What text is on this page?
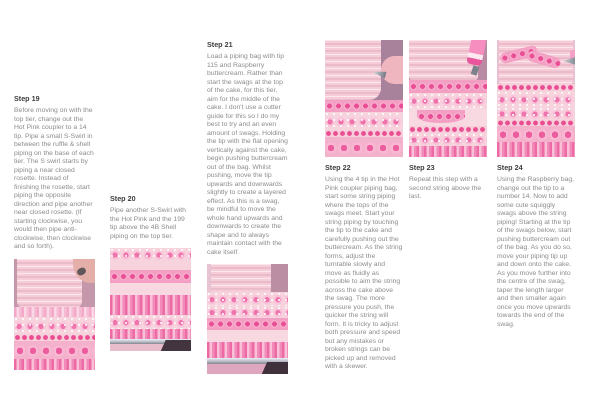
Step 19

Before moving on with the top tier, change out the Hot Pink coupler to a 14 tip. Pipe a small S-Swirl in between the ruffle & shell piping on the base of each tier. The S swirl starts by piping a near closed rosette. Instead of finishing the rosette, start piping the opposite direction and pipe another near closed rosette. (If starting clockwise, you would then pipe anti-clockwise, then clockwise and so forth).

Step 20

Pipe another S-Swirl with the Hot Pink and the 199 tip above the 4B Shell piping on the top tier.

Step 21

Load a piping bag with tip 115 and Raspberry buttercream. Rather than start the swags at the top of the cake, for this tier, aim for the middle of the cake. I don't use a cutter guide for this so I do my best to try and an even amount of swags. Holding the tip with the flat opening vertically against the cake, begin pushing buttercream out of the bag. Whilst pushing, move the tip upwards and downwards slightly to create a layered effect. As this is a swag, be mindful to move the whole hand upwards and downwards to create the shape and to always maintain contact with the cake itself.

Step 22

Using the 4 tip in the Hot Pink coupler piping bag, start some string piping where the tops of the swags meet. Start your string piping by touching the tip to the cake and carefully pushing out the buttercream. As the string forms, adjust the turntable slowly and move as fluidly as possible to aim the string across the cake above the swag. The more pressure you push, the quicker the string will form. It is tricky to adjust both pressure and speed but any mistakes or broken strings can be picked up and removed with a skewer.

Step 23

Repeat this step with a second string above the last.

Step 24

Using the Raspberry bag, change out the tip to a number 14. Now to add some cute squiggly swags above the string piping! Starting at the tip of the swags below, start pushing buttercream out of the bag. As you do so, move your piping tip up and down onto the cake. As you move further into the centre of the swag, taper the length larger and then smaller again once you move upwards towards the end of the swag.
